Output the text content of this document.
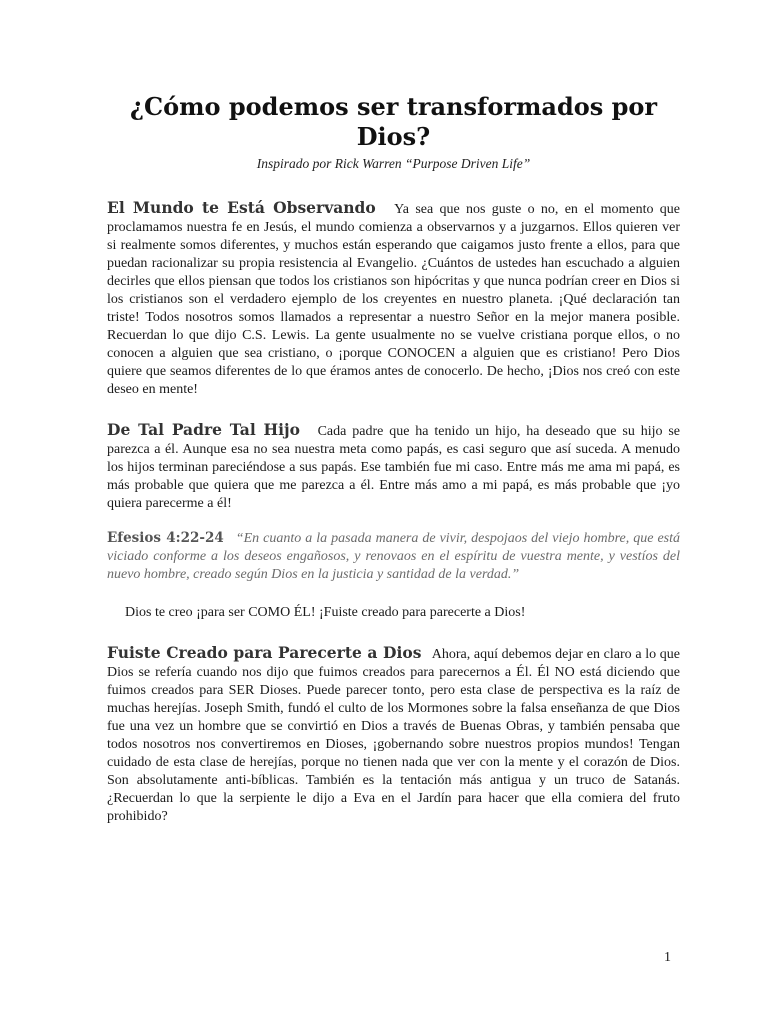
¿Cómo podemos ser transformados por Dios?
Inspirado por Rick Warren “Purpose Driven Life”

El Mundo te Está Observando Ya sea que nos guste o no, en el momento que proclamamos nuestra fe en Jesús, el mundo comienza a observarnos y a juzgarnos. Ellos quieren ver si realmente somos diferentes, y muchos están esperando que caigamos justo frente a ellos, para que puedan racionalizar su propia resistencia al Evangelio. ¿Cuántos de ustedes han escuchado a alguien decirles que ellos piensan que todos los cristianos son hipócritas y que nunca podrían creer en Dios si los cristianos son el verdadero ejemplo de los creyentes en nuestro planeta. ¡Qué declaración tan triste! Todos nosotros somos llamados a representar a nuestro Señor en la mejor manera posible. Recuerdan lo que dijo C.S. Lewis. La gente usualmente no se vuelve cristiana porque ellos, o no conocen a alguien que sea cristiano, o ¡porque CONOCEN a alguien que es cristiano! Pero Dios quiere que seamos diferentes de lo que éramos antes de conocerlo. De hecho, ¡Dios nos creó con este deseo en mente!

De Tal Padre Tal Hijo Cada padre que ha tenido un hijo, ha deseado que su hijo se parezca a él. Aunque esa no sea nuestra meta como papás, es casi seguro que así suceda. A menudo los hijos terminan pareciéndose a sus papás. Ese también fue mi caso. Entre más me ama mi papá, es más probable que quiera que me parezca a él. Entre más amo a mi papá, es más probable que ¡yo quiera parecerme a él!

Efesios 4:22-24 “En cuanto a la pasada manera de vivir, despojaos del viejo hombre, que está viciado conforme a los deseos engañosos, y renovaos en el espíritu de vuestra mente, y vestíos del nuevo hombre, creado según Dios en la justicia y santidad de la verdad.”

Dios te creo ¡para ser COMO ÉL! ¡Fuiste creado para parecerte a Dios!

Fuiste Creado para Parecerte a Dios Ahora, aquí debemos dejar en claro a lo que Dios se refería cuando nos dijo que fuimos creados para parecernos a Él. Él NO está diciendo que fuimos creados para SER Dioses. Puede parecer tonto, pero esta clase de perspectiva es la raíz de muchas herejías. Joseph Smith, fundó el culto de los Mormones sobre la falsa enseñanza de que Dios fue una vez un hombre que se convirtió en Dios a través de Buenas Obras, y también pensaba que todos nosotros nos convertiremos en Dioses, ¡gobernando sobre nuestros propios mundos! Tengan cuidado de esta clase de herejías, porque no tienen nada que ver con la mente y el corazón de Dios. Son absolutamente anti-bíblicas. También es la tentación más antigua y un truco de Satanás. ¿Recuerdan lo que la serpiente le dijo a Eva en el Jardín para hacer que ella comiera del fruto prohibido?

1
